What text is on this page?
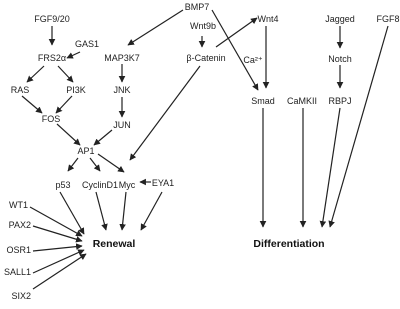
FGF9/20
BMP7
Wnt9b
Wnt4	Jagged FGF8
GAS1
FRS2α	MAP3K7	β-Catenin Ca²⁺	Notch
RAS	PI3K	JNK
Smad CaMKII RBPJ
FOS
JUN
AP1
p53 CyclinD1 Myc EYA1
WT1
PAX2
OSR1
SALL1
SIX2
Renewal	Differentiation
